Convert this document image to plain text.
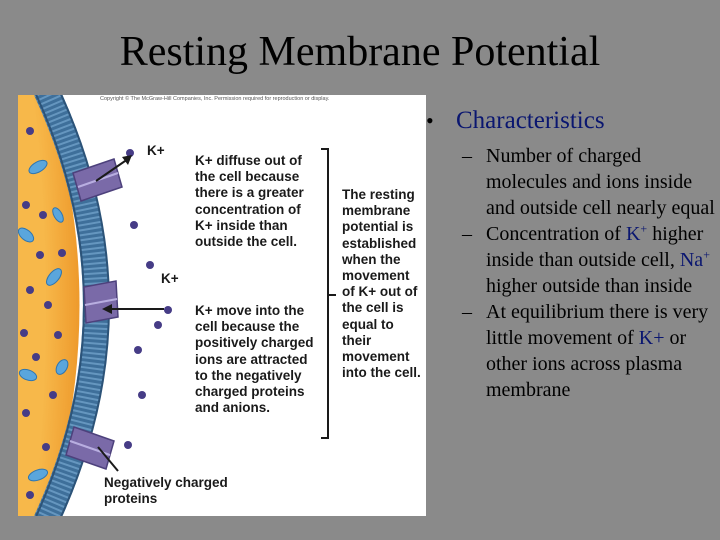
Resting Membrane Potential
Copyright © The McGraw-Hill Companies, Inc. Permission required for reproduction or display.
K+
K+
K+ diffuse out of
the cell because
there is a greater
concentration of
K+ inside than
outside the cell.
K+ move into the
cell because the
positively charged
ions are attracted
to the negatively
charged proteins
and anions.
The resting
membrane
potential is
established
when the
movement
of K+ out of
the cell is
equal to
their
movement
into the cell.
Negatively charged
proteins
• Characteristics
– Number of charged molecules and ions inside and outside cell nearly equal
– Concentration of K+ higher inside than outside cell, Na+ higher outside than inside
– At equilibrium there is very little movement of K+ or other ions across plasma membrane
